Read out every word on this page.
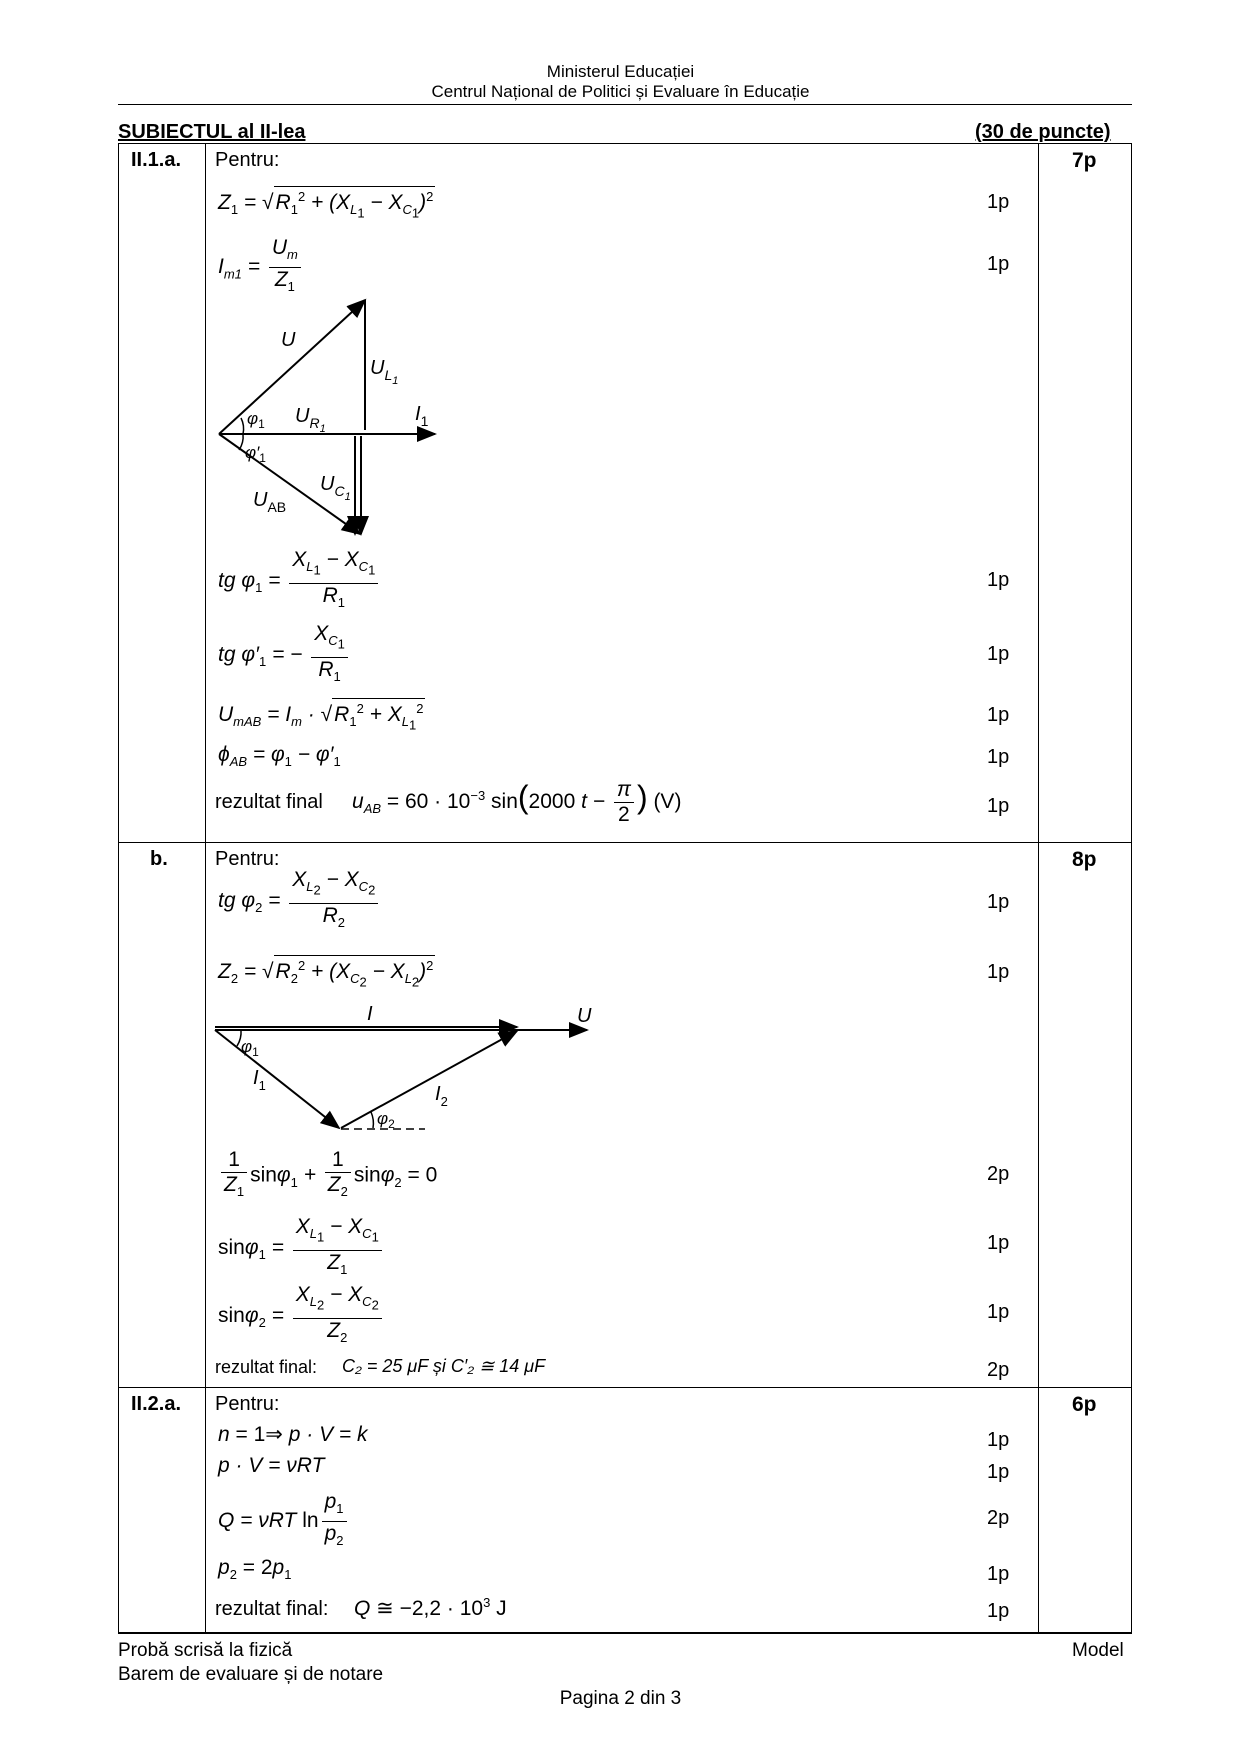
Ministerul Educației
Centrul Național de Politici și Evaluare în Educație
SUBIECTUL al II-lea	(30 de puncte)
II.1.a. Pentru:	7p
$Z_1 = √R_1^2 + (X_{L_1} - X_{C_1})^2$	1p
$I_{m1} = \frac{U_m}{Z_1}$	1p
U
$U_{L1}$
$I_1$
$U_{R1}$
$U_{C1}$
$U_{AB}$
$\varphi_1$
$\varphi'_1$
tg $\varphi_1 = \frac{X_{L_1} - X_{C_1}}{R_1}$	1p
tg $\varphi'_1$ = − $\frac{X_{C_1}}{R_1}$	1p
$U_{mAB} = I_m \cdot √R_1^2 + X_{L_1}^2$	1p
$\phi_{AB} = \varphi_1 - \varphi'_1$	1p
rezultat final $u_{AB} = 60 \cdot 10^{-3}$ sin(2000 $t - \frac{\pi}{2}$ ) (V)	1p
b. Pentru:	8p
tg $\varphi_2 = \frac{X_{L_2} - X_{C_2}}{R_2}$	1p
$Z_2 = √R_2^2 + (X_{C_2} - X_{L_2})^2$	1p
I	U
$\varphi_1$
$I_1$	$I_2$
$\varphi_2$
$\frac{1}{Z_1} \sin\varphi_1 + \frac{1}{Z_2} \sin\varphi_2 = 0$	2p
$\sin\varphi_1 = \frac{X_{L_1} - X_{C_1}}{Z_1}$	1p
$\sin\varphi_2 = \frac{X_{L_2} - X_{C_2}}{Z_2}$	1p
rezultat final: C₂ = 25 μF și C′₂ ≅ 14 μF	2p
II.2.a. Pentru:	6p
n = 1⇒ p · V = k	1p
p · V = νRT	1p
Q = νRT $\ln \frac{p_1}{p_2}$	2p
$p_2 = 2p_1$	1p
rezultat final: Q ≅ $-2,2 \cdot 10^3$ J	1p
Probă scrisă la fizică
Barem de evaluare și de notare
Model
Pagina 2 din 3
